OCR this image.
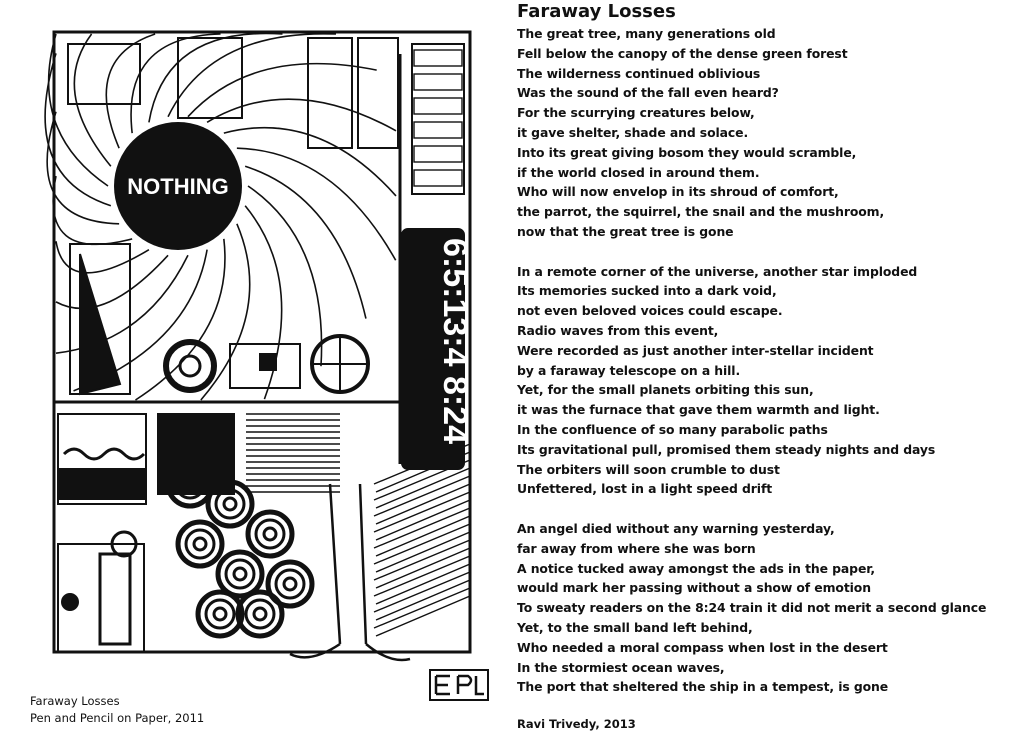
NOTHING
6:5:13:4 8:24
Faraway Losses
Pen and Pencil on Paper, 2011
Faraway Losses
The great tree, many generations old
Fell below the canopy of the dense green forest
The wilderness continued oblivious
Was the sound of the fall even heard?
For the scurrying creatures below,
it gave shelter, shade and solace.
Into its great giving bosom they would scramble,
if the world closed in around them.
Who will now envelop in its shroud of comfort,
the parrot, the squirrel, the snail and the mushroom,
now that the great tree is gone
In a remote corner of the universe, another star imploded
Its memories sucked into a dark void,
not even beloved voices could escape.
Radio waves from this event,
Were recorded as just another inter-stellar incident
by a faraway telescope on a hill.
Yet, for the small planets orbiting this sun,
it was the furnace that gave them warmth and light.
In the confluence of so many parabolic paths
Its gravitational pull, promised them steady nights and days
The orbiters will soon crumble to dust
Unfettered, lost in a light speed drift
An angel died without any warning yesterday,
far away from where she was born
A notice tucked away amongst the ads in the paper,
would mark her passing without a show of emotion
To sweaty readers on the 8:24 train it did not merit a second glance
Yet, to the small band left behind,
Who needed a moral compass when lost in the desert
In the stormiest ocean waves,
The port that sheltered the ship in a tempest, is gone
Ravi Trivedy, 2013
